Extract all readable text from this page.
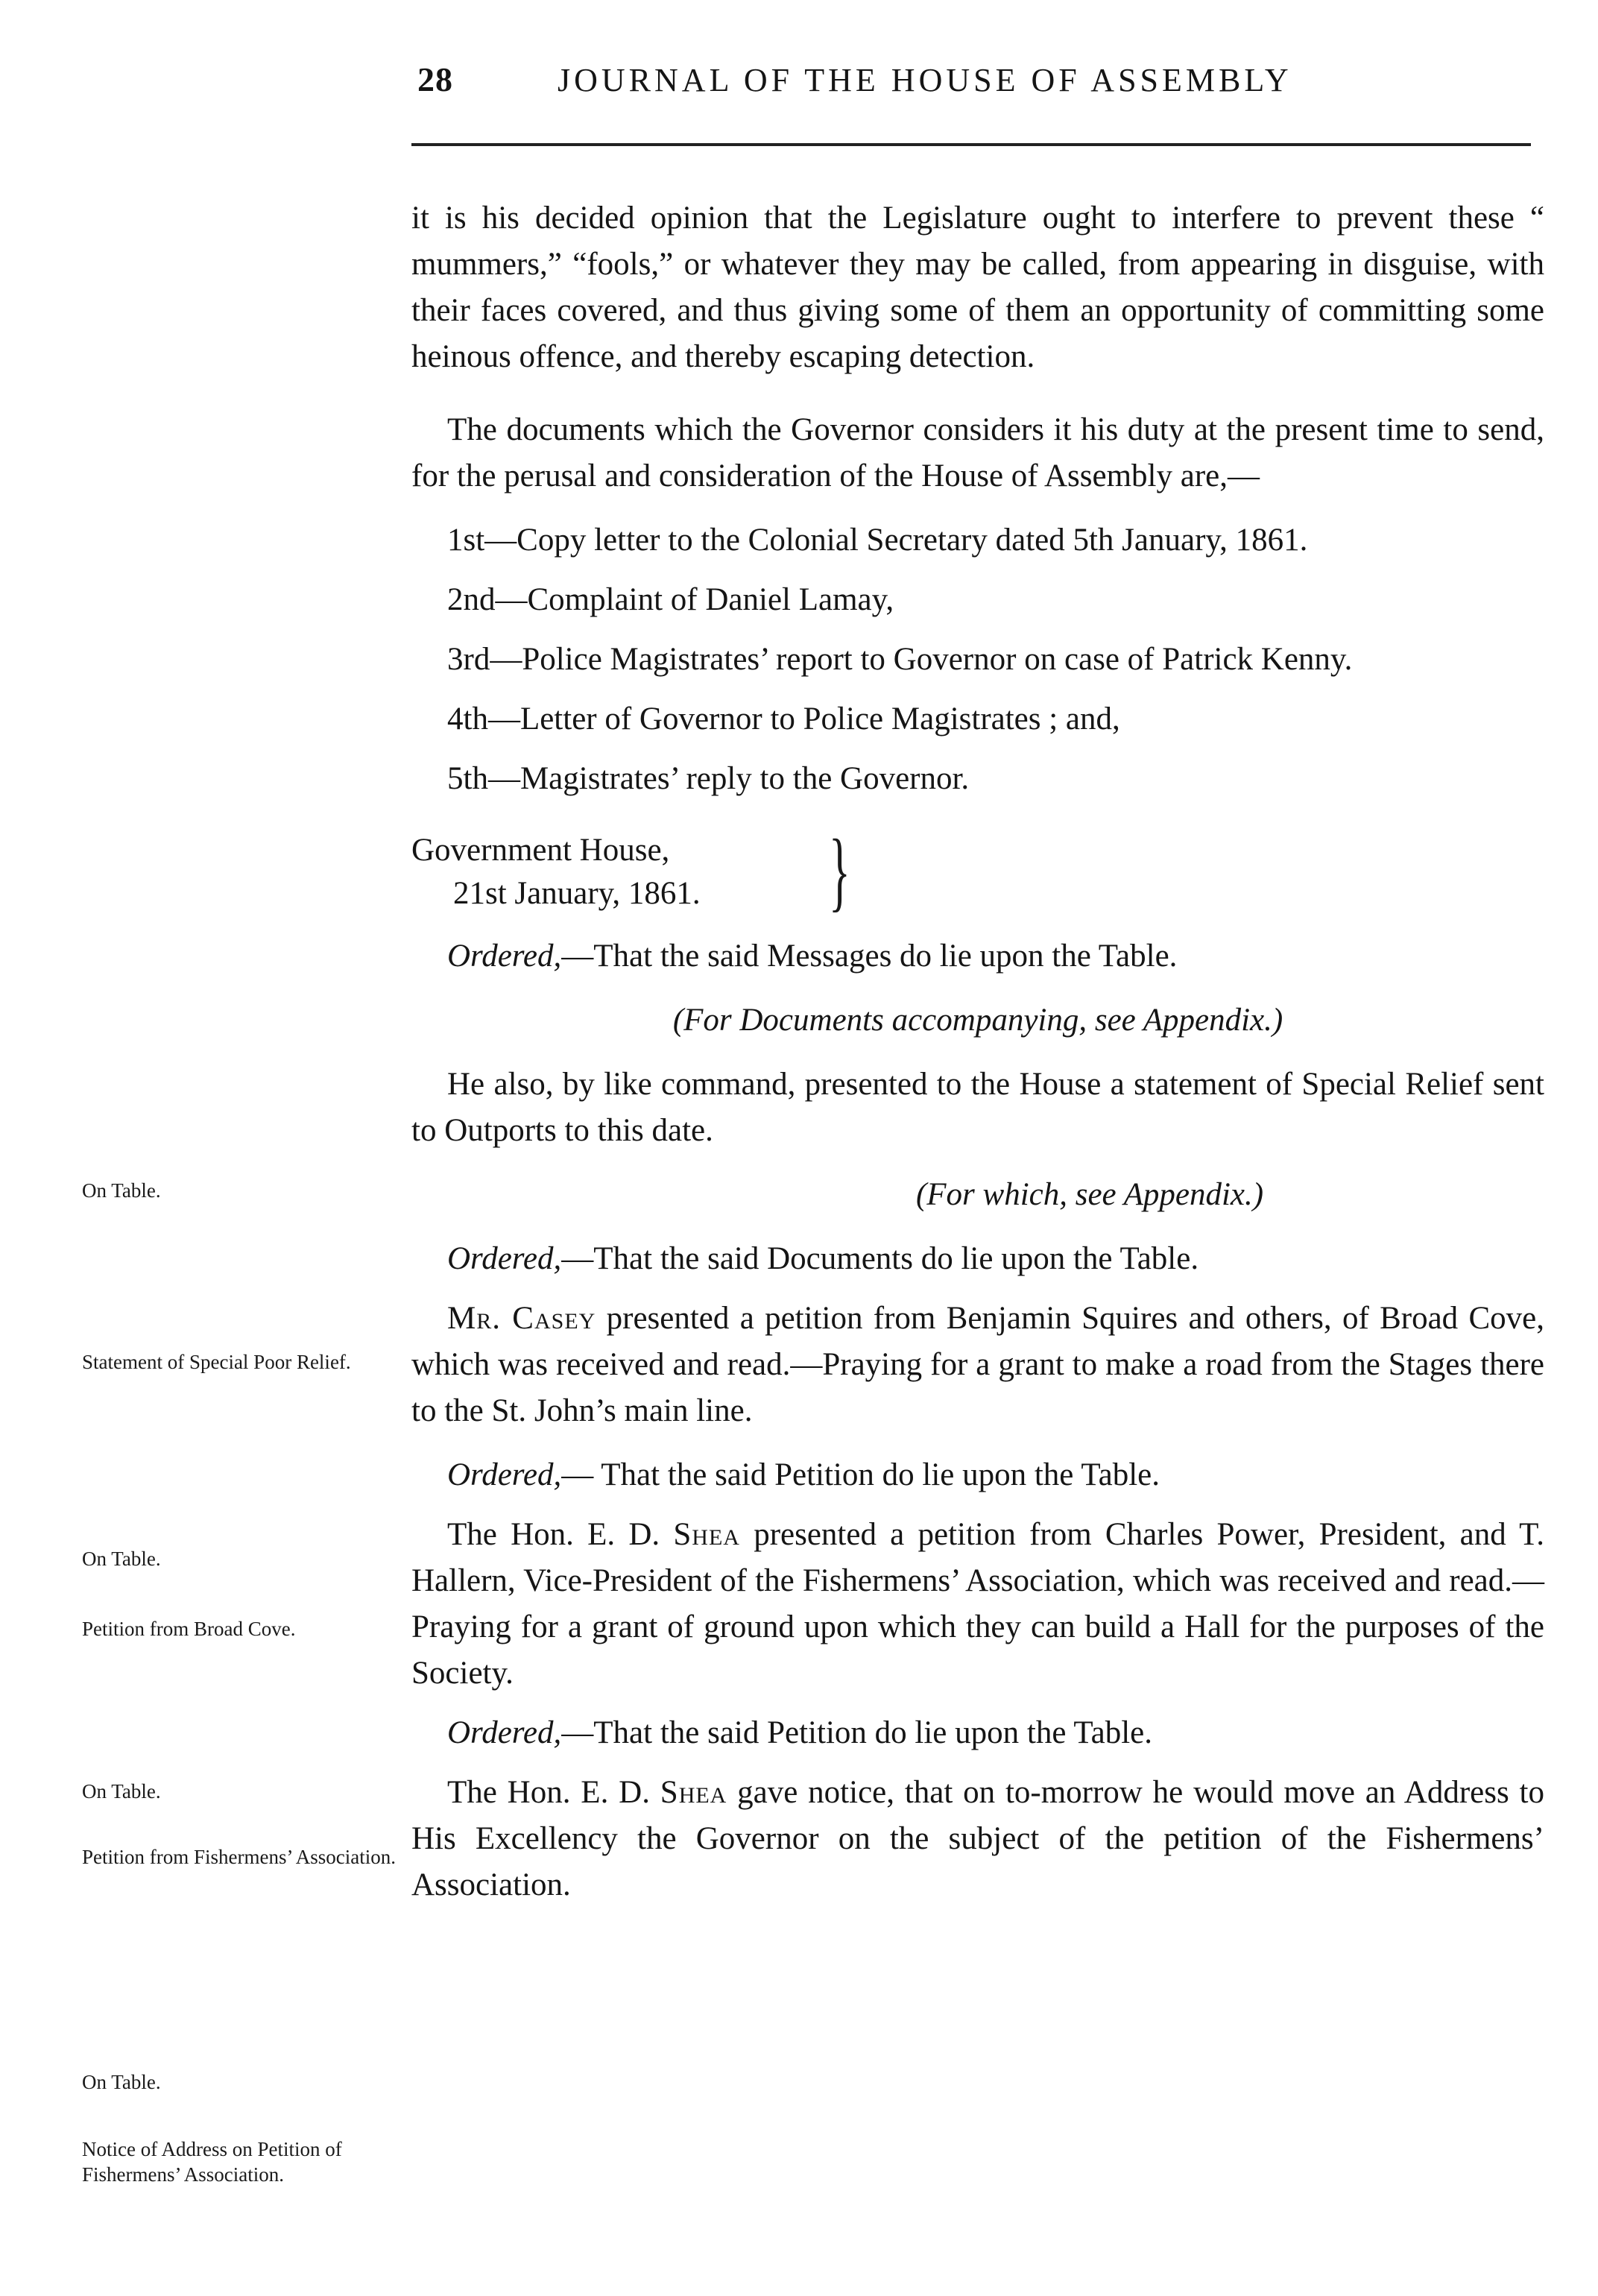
28	JOURNAL OF THE HOUSE OF ASSEMBLY

it is his decided opinion that the Legislature ought to interfere to prevent these “ mummers,” “fools,” or whatever they may be called, from appearing in disguise, with their faces covered, and thus giving some of them an opportunity of committing some heinous offence, and thereby escaping detection.

The documents which the Governor considers it his duty at the present time to send, for the perusal and consideration of the House of Assembly are,—

1st—Copy letter to the Colonial Secretary dated 5th January, 1861.

2nd—Complaint of Daniel Lamay,

3rd—Police Magistrates’ report to Governor on case of Patrick Kenny.

4th—Letter of Governor to Police Magistrates ; and,

5th—Magistrates’ reply to the Governor.

Government House,
21st January, 1861.	}

Ordered,—That the said Messages do lie upon the Table.

(For Documents accompanying, see Appendix.)

He also, by like command, presented to the House a statement of Special Relief sent to Outports to this date.

(For which, see Appendix.)

Ordered,—That the said Documents do lie upon the Table.

Mr. Casey presented a petition from Benjamin Squires and others, of Broad Cove, which was received and read.—Praying for a grant to make a road from the Stages there to the St. John’s main line.

Ordered,— That the said Petition do lie upon the Table.

The Hon. E. D. Shea presented a petition from Charles Power, President, and T. Hallern, Vice-President of the Fishermens’ Association, which was received and read.—Praying for a grant of ground upon which they can build a Hall for the purposes of the Society.

Ordered,—That the said Petition do lie upon the Table.

The Hon. E. D. Shea gave notice, that on to-morrow he would move an Address to His Excellency the Governor on the subject of the petition of the Fishermens’ Association.

On Table.
Statement of Special Poor Relief.
On Table.
Petition from Broad Cove.
On Table.
Petition from Fishermens’ Association.
On Table.
Notice of Address on Petition of Fishermens’ Association.
